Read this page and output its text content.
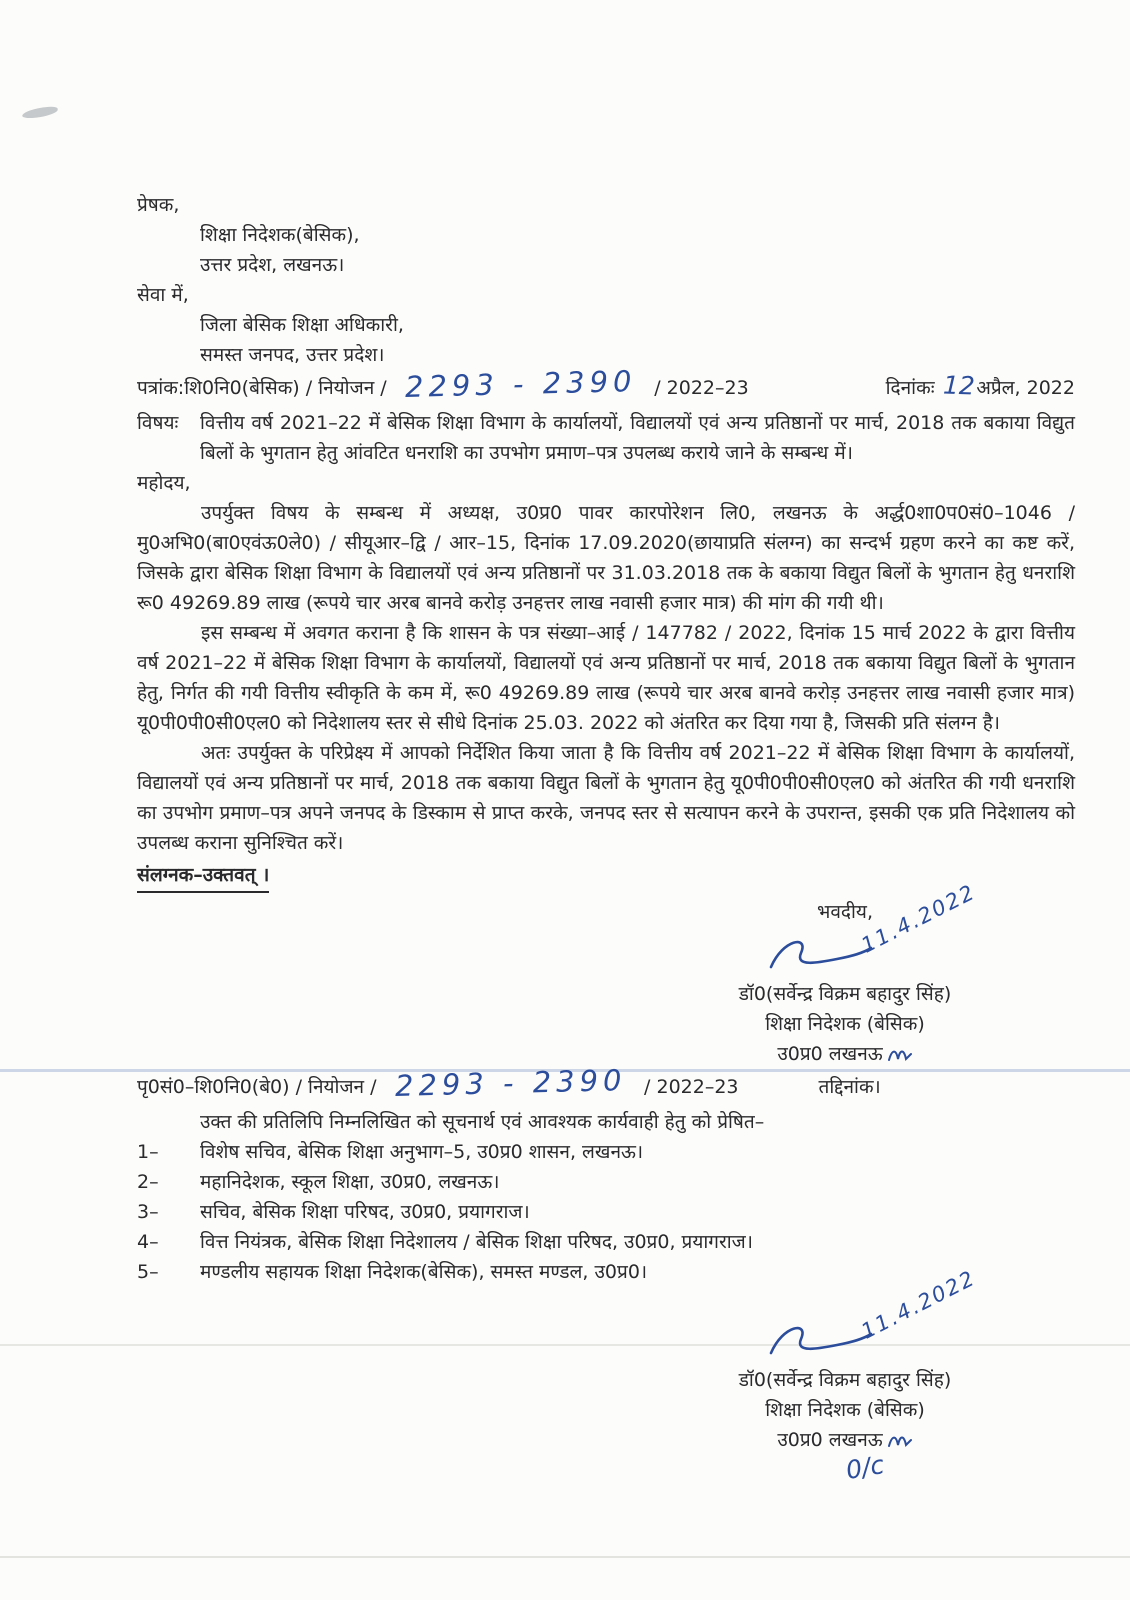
प्रेषक,
शिक्षा निदेशक(बेसिक),
उत्तर प्रदेश, लखनऊ।
सेवा में,
जिला बेसिक शिक्षा अधिकारी,
समस्त जनपद, उत्तर प्रदेश।
पत्रांक:शि0नि0(बेसिक) / नियोजन / 2293 - 2390 / 2022–23	दिनांकः 12 अप्रैल, 2022
विषयः	वित्तीय वर्ष 2021–22 में बेसिक शिक्षा विभाग के कार्यालयों, विद्यालयों एवं अन्य प्रतिष्ठानों पर मार्च, 2018 तक बकाया विद्युत बिलों के भुगतान हेतु आंवटित धनराशि का उपभोग प्रमाण–पत्र उपलब्ध कराये जाने के सम्बन्ध में।
महोदय,

उपर्युक्त विषय के सम्बन्ध में अध्यक्ष, उ0प्र0 पावर कारपोरेशन लि0, लखनऊ के अर्द्ध0शा0प0सं0–1046 / मु0अभि0(बा0एवंऊ0ले0) / सीयूआर–द्वि / आर–15, दिनांक 17.09.2020(छायाप्रति संलग्न) का सन्दर्भ ग्रहण करने का कष्ट करें, जिसके द्वारा बेसिक शिक्षा विभाग के विद्यालयों एवं अन्य प्रतिष्ठानों पर 31.03.2018 तक के बकाया विद्युत बिलों के भुगतान हेतु धनराशि रू0 49269.89 लाख (रूपये चार अरब बानवे करोड़ उनहत्तर लाख नवासी हजार मात्र) की मांग की गयी थी।

इस सम्बन्ध में अवगत कराना है कि शासन के पत्र संख्या–आई / 147782 / 2022, दिनांक 15 मार्च 2022 के द्वारा वित्तीय वर्ष 2021–22 में बेसिक शिक्षा विभाग के कार्यालयों, विद्यालयों एवं अन्य प्रतिष्ठानों पर मार्च, 2018 तक बकाया विद्युत बिलों के भुगतान हेतु, निर्गत की गयी वित्तीय स्वीकृति के कम में, रू0 49269.89 लाख (रूपये चार अरब बानवे करोड़ उनहत्तर लाख नवासी हजार मात्र) यू0पी0पी0सी0एल0 को निदेशालय स्तर से सीधे दिनांक 25.03. 2022 को अंतरित कर दिया गया है, जिसकी प्रति संलग्न है।

अतः उपर्युक्त के परिप्रेक्ष्य में आपको निर्देशित किया जाता है कि वित्तीय वर्ष 2021–22 में बेसिक शिक्षा विभाग के कार्यालयों, विद्यालयों एवं अन्य प्रतिष्ठानों पर मार्च, 2018 तक बकाया विद्युत बिलों के भुगतान हेतु यू0पी0पी0सी0एल0 को अंतरित की गयी धनराशि का उपभोग प्रमाण–पत्र अपने जनपद के डिस्काम से प्राप्त करके, जनपद स्तर से सत्यापन करने के उपरान्त, इसकी एक प्रति निदेशालय को उपलब्ध कराना सुनिश्चित करें।

संलग्नक–उक्तवत् ।
भवदीय,
11.4.2022
डॉ0(सर्वेन्द्र विक्रम बहादुर सिंह)
शिक्षा निदेशक (बेसिक)
उ0प्र0 लखनऊ
पृ0सं0–शि0नि0(बे0) / नियोजन / 2293 - 2390 / 2022–23	तद्दिनांक।
उक्त की प्रतिलिपि निम्नलिखित को सूचनार्थ एवं आवश्यक कार्यवाही हेतु को प्रेषित–
1–	विशेष सचिव, बेसिक शिक्षा अनुभाग–5, उ0प्र0 शासन, लखनऊ।
2–	महानिदेशक, स्कूल शिक्षा, उ0प्र0, लखनऊ।
3–	सचिव, बेसिक शिक्षा परिषद, उ0प्र0, प्रयागराज।
4–	वित्त नियंत्रक, बेसिक शिक्षा निदेशालय / बेसिक शिक्षा परिषद, उ0प्र0, प्रयागराज।
5–	मण्डलीय सहायक शिक्षा निदेशक(बेसिक), समस्त मण्डल, उ0प्र0।	11.4.2022
डॉ0(सर्वेन्द्र विक्रम बहादुर सिंह)
शिक्षा निदेशक (बेसिक)
उ0प्र0 लखनऊ
0/c
